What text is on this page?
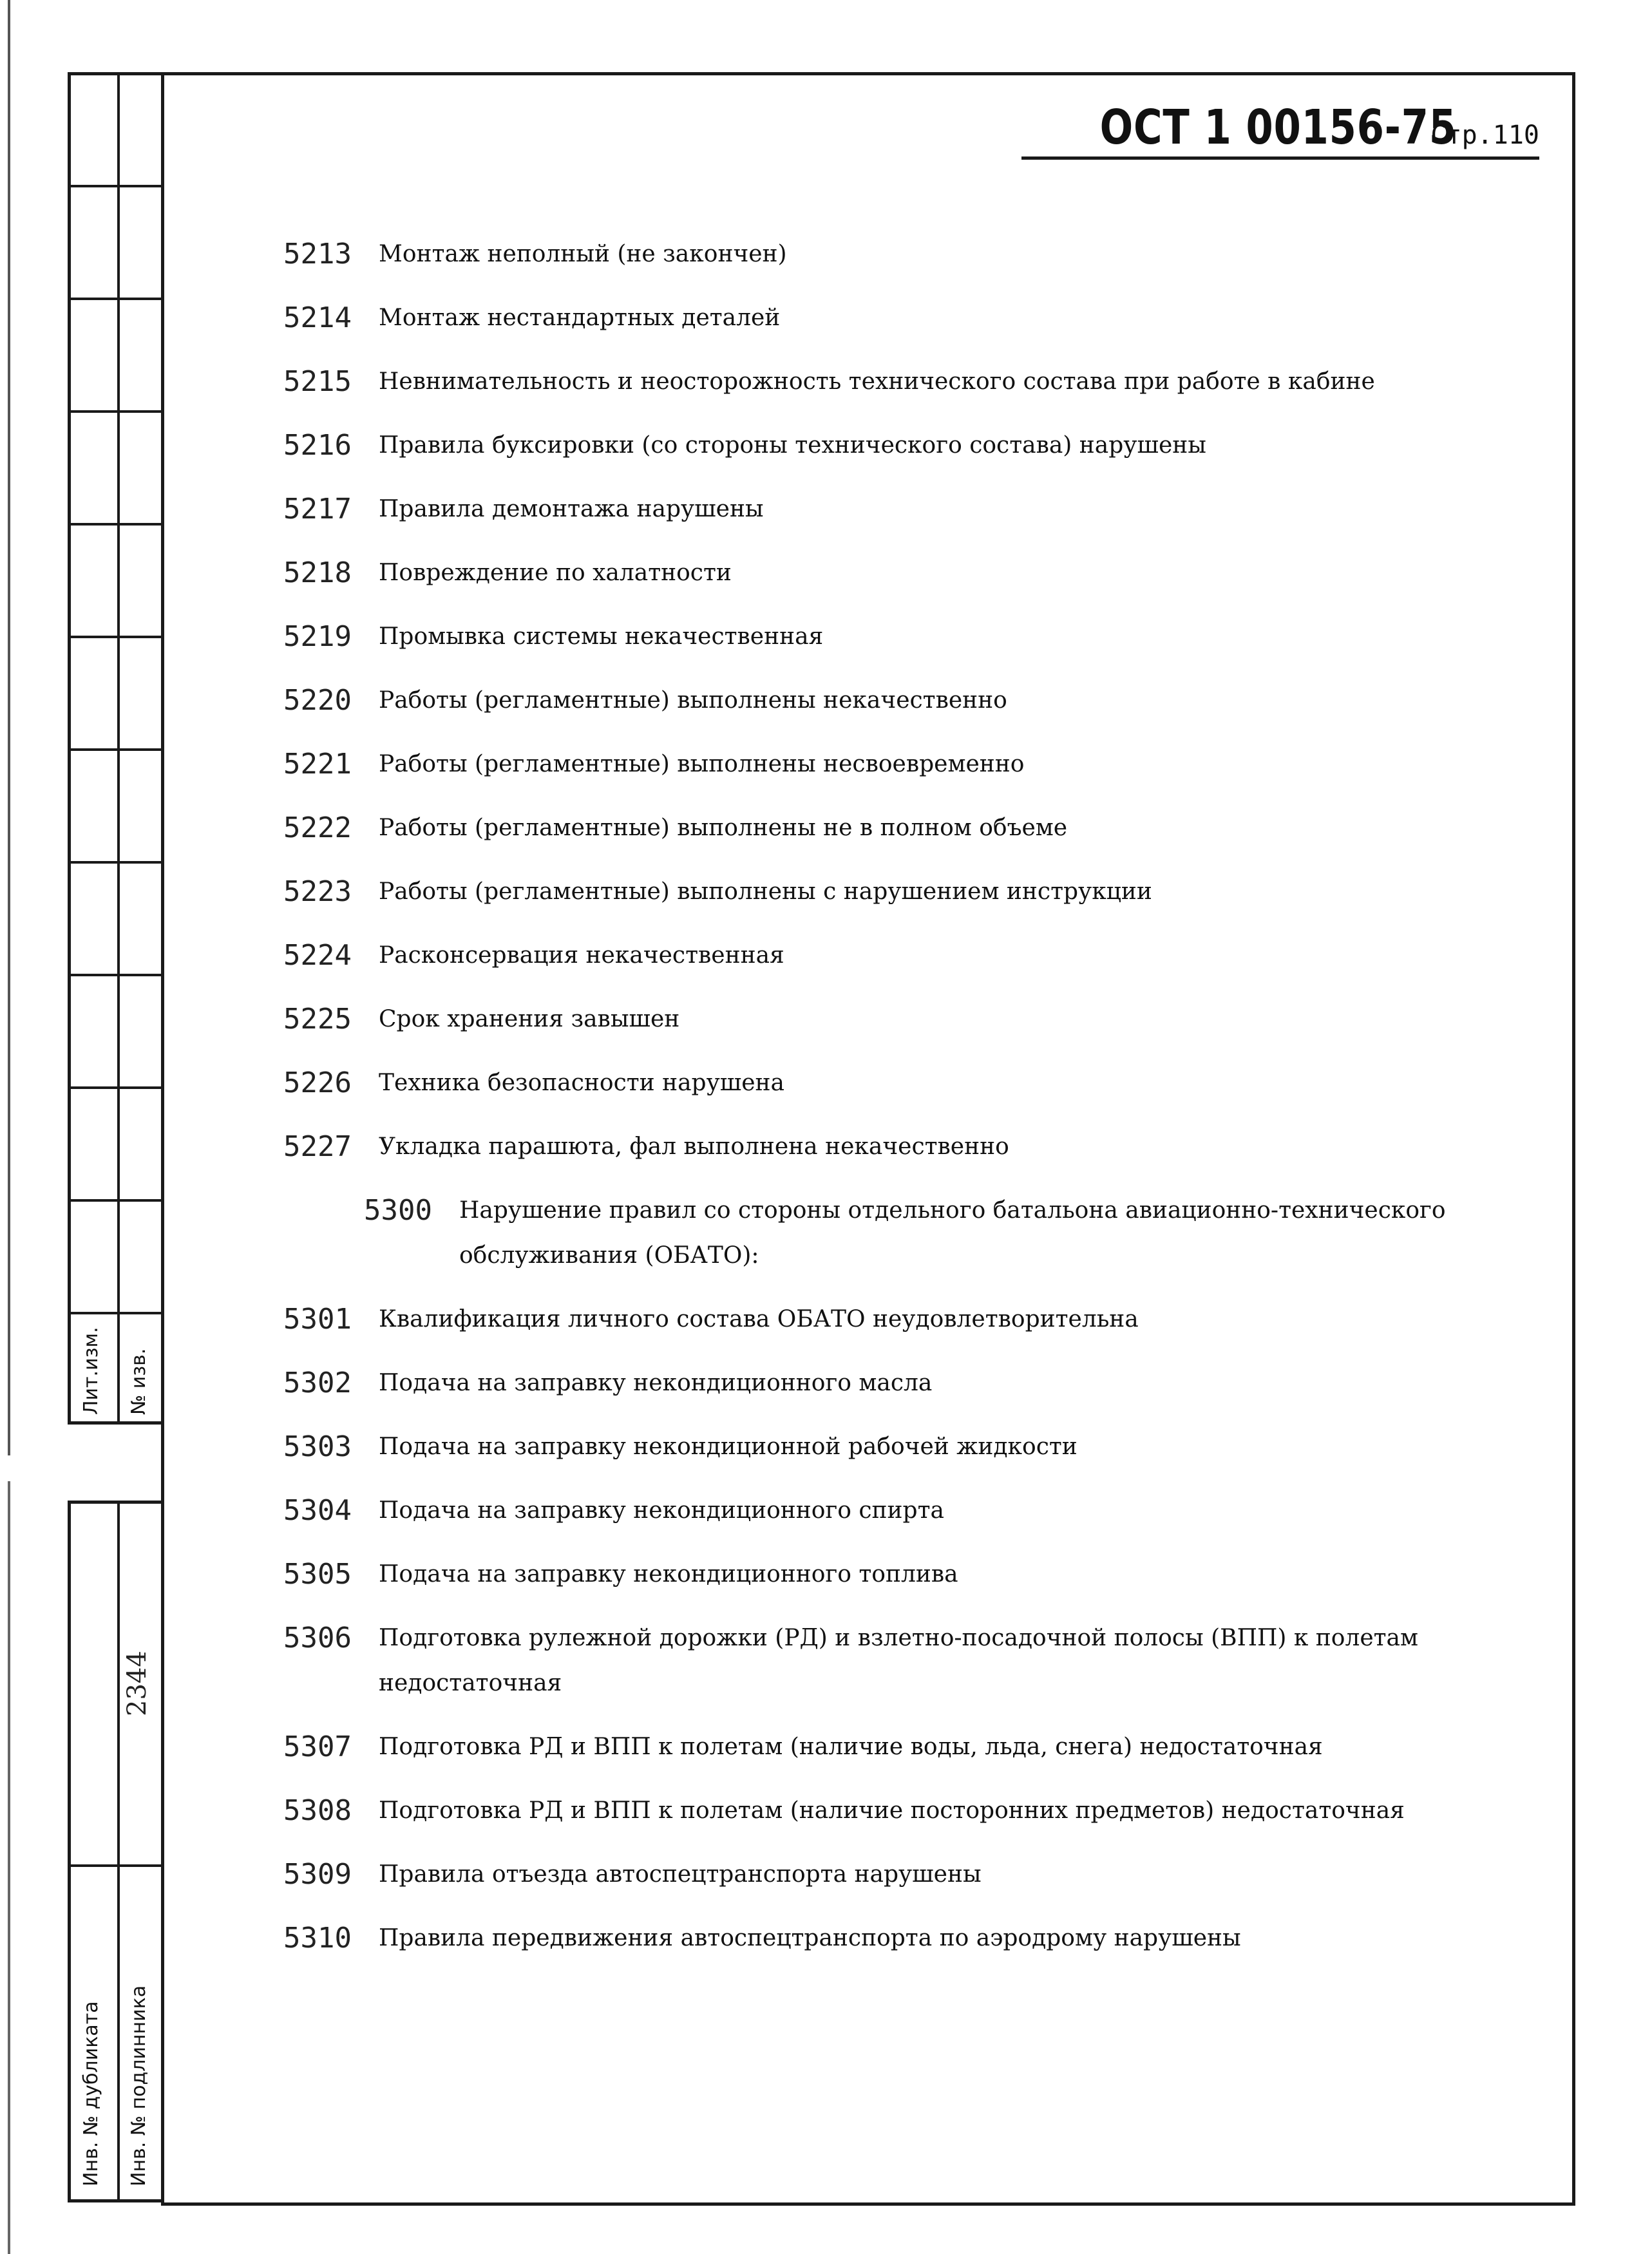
Лит.изм. № изв.
2344
Инв. № дубликата Инв. № подлинника
ОСТ 1 00156-75
Стр.110
5213	Монтаж неполный (не закончен)
5214	Монтаж нестандартных деталей
5215	Невнимательность и неосторожность технического состава при работе в кабине
5216	Правила буксировки (со стороны технического состава) нарушены
5217	Правила демонтажа нарушены
5218	Повреждение по халатности
5219	Промывка системы некачественная
5220	Работы (регламентные) выполнены некачественно
5221	Работы (регламентные) выполнены несвоевременно
5222	Работы (регламентные) выполнены не в полном объеме
5223	Работы (регламентные) выполнены с нарушением инструкции
5224	Расконсервация некачественная
5225	Срок хранения завышен
5226	Техника безопасности нарушена
5227	Укладка парашюта, фал выполнена некачественно
5300	Нарушение правил со стороны отдельного батальона авиационно-технического обслуживания (ОБАТО):
5301	Квалификация личного состава ОБАТО неудовлетворительна
5302	Подача на заправку некондиционного масла
5303	Подача на заправку некондиционной рабочей жидкости
5304	Подача на заправку некондиционного спирта
5305	Подача на заправку некондиционного топлива
5306	Подготовка рулежной дорожки (РД) и взлетно-посадочной полосы (ВПП) к полетам недостаточная
5307	Подготовка РД и ВПП к полетам (наличие воды, льда, снега) недостаточная
5308	Подготовка РД и ВПП к полетам (наличие посторонних предметов) недостаточная
5309	Правила отъезда автоспецтранспорта нарушены
5310	Правила передвижения автоспецтранспорта по аэродрому нарушены
